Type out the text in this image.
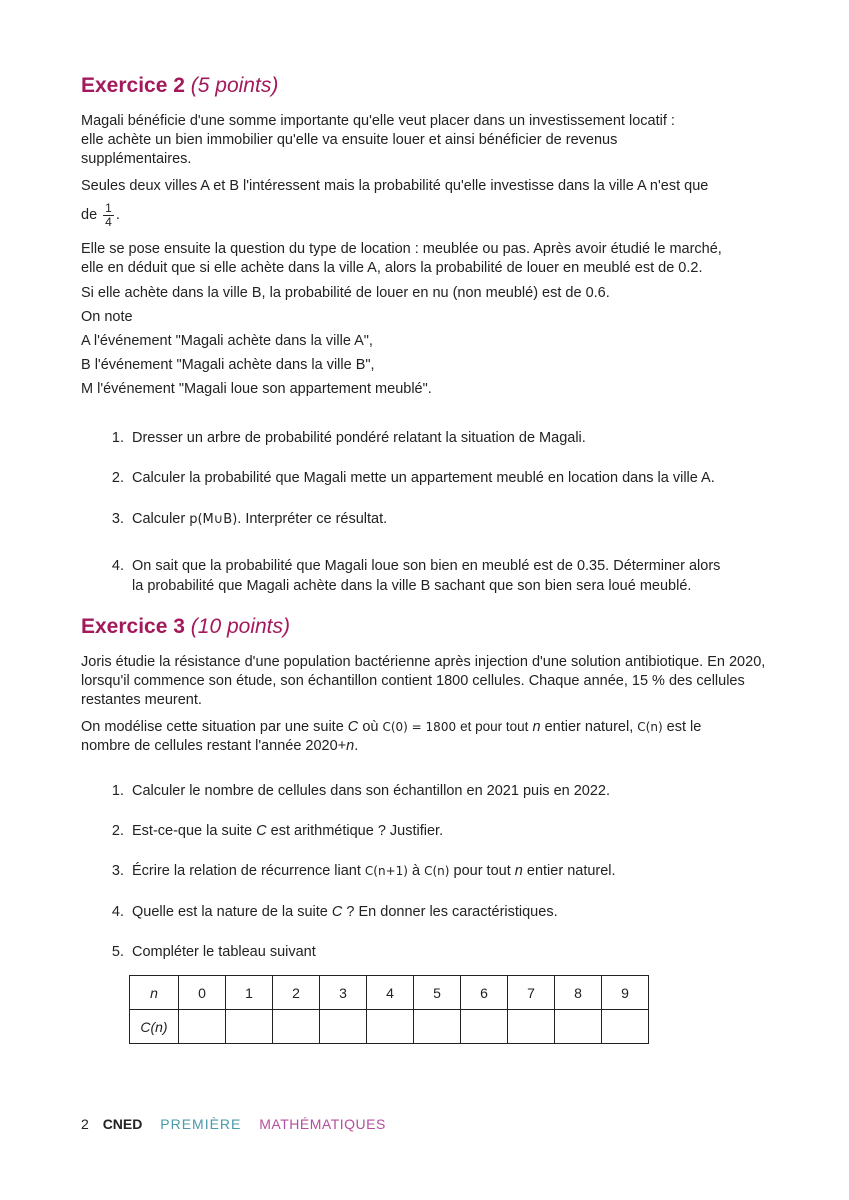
Exercice 2 (5 points)
Magali bénéficie d'une somme importante qu'elle veut placer dans un investissement locatif :
elle achète un bien immobilier qu'elle va ensuite louer et ainsi bénéficier de revenus supplémentaires.
Seules deux villes A et B l'intéressent mais la probabilité qu'elle investisse dans la ville A n'est que
de $\frac{1}{4}$ .
Elle se pose ensuite la question du type de location : meublée ou pas. Après avoir étudié le marché,
elle en déduit que si elle achète dans la ville A, alors la probabilité de louer en meublé est de 0.2.
Si elle achète dans la ville B, la probabilité de louer en nu (non meublé) est de 0.6.
On note
A l'événement "Magali achète dans la ville A",
B l'événement "Magali achète dans la ville B",
M l'événement "Magali loue son appartement meublé".
1. Dresser un arbre de probabilité pondéré relatant la situation de Magali.
2. Calculer la probabilité que Magali mette un appartement meublé en location dans la ville A.
3. Calculer p(M∪B). Interpréter ce résultat.
4. On sait que la probabilité que Magali loue son bien en meublé est de 0.35. Déterminer alors
la probabilité que Magali achète dans la ville B sachant que son bien sera loué meublé.
Exercice 3 (10 points)
Joris étudie la résistance d'une population bactérienne après injection d'une solution antibiotique. En 2020, lorsqu'il commence son étude, son échantillon contient 1800 cellules. Chaque année, 15 % des cellules restantes meurent.
On modélise cette situation par une suite C où C(0) = 1800 et pour tout n entier naturel, C(n) est le
nombre de cellules restant l'année 2020+n.
1. Calculer le nombre de cellules dans son échantillon en 2021 puis en 2022.
2. Est-ce-que la suite C est arithmétique ? Justifier.
3. Écrire la relation de récurrence liant C(n+1) à C(n) pour tout n entier naturel.
4. Quelle est la nature de la suite C ? En donner les caractéristiques.
5. Compléter le tableau suivant
n	0	1	2	3	4	5	6	7	8	9
C(n)										
2 CNED PREMIÈRE MATHÉMATIQUES
